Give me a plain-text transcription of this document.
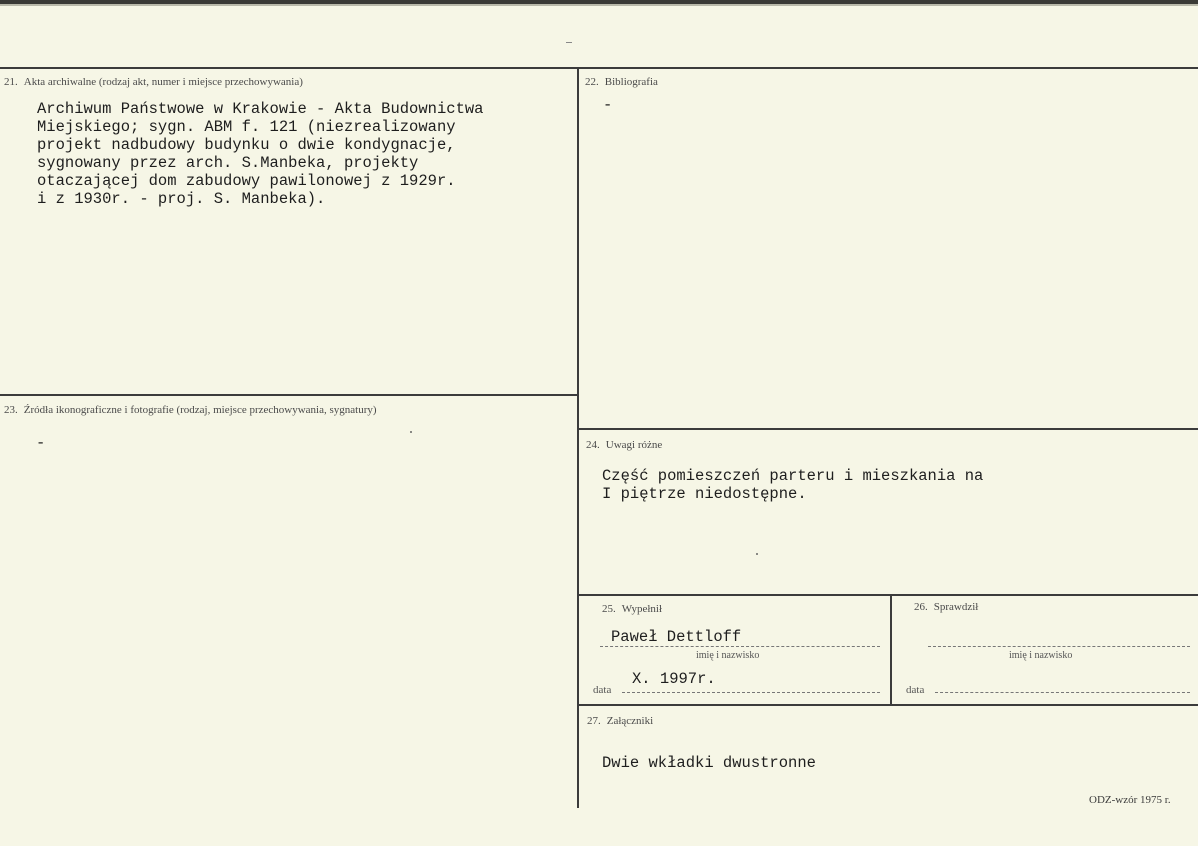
21. Akta archiwalne (rodzaj akt, numer i miejsce przechowywania)
Archiwum Państwowe w Krakowie - Akta Budownictwa
Miejskiego; sygn. ABM f. 121 (niezrealizowany
projekt nadbudowy budynku o dwie kondygnacje,
sygnowany przez arch. S.Manbeka, projekty
otaczającej dom zabudowy pawilonowej z 1929r.
i z 1930r. - proj. S. Manbeka).
22. Bibliografia
-
23. Źródła ikonograficzne i fotografie (rodzaj, miejsce przechowywania, sygnatury)
-	24. Uwagi różne
Część pomieszczeń parteru i mieszkania na
I piętrze niedostępne.
25. Wypełnił
Paweł Dettloff
imię i nazwisko
X. 1997r.
data
26. Sprawdził
imię i nazwisko
data
27. Załączniki
Dwie wkładki dwustronne
ODZ-wzór 1975 r.
